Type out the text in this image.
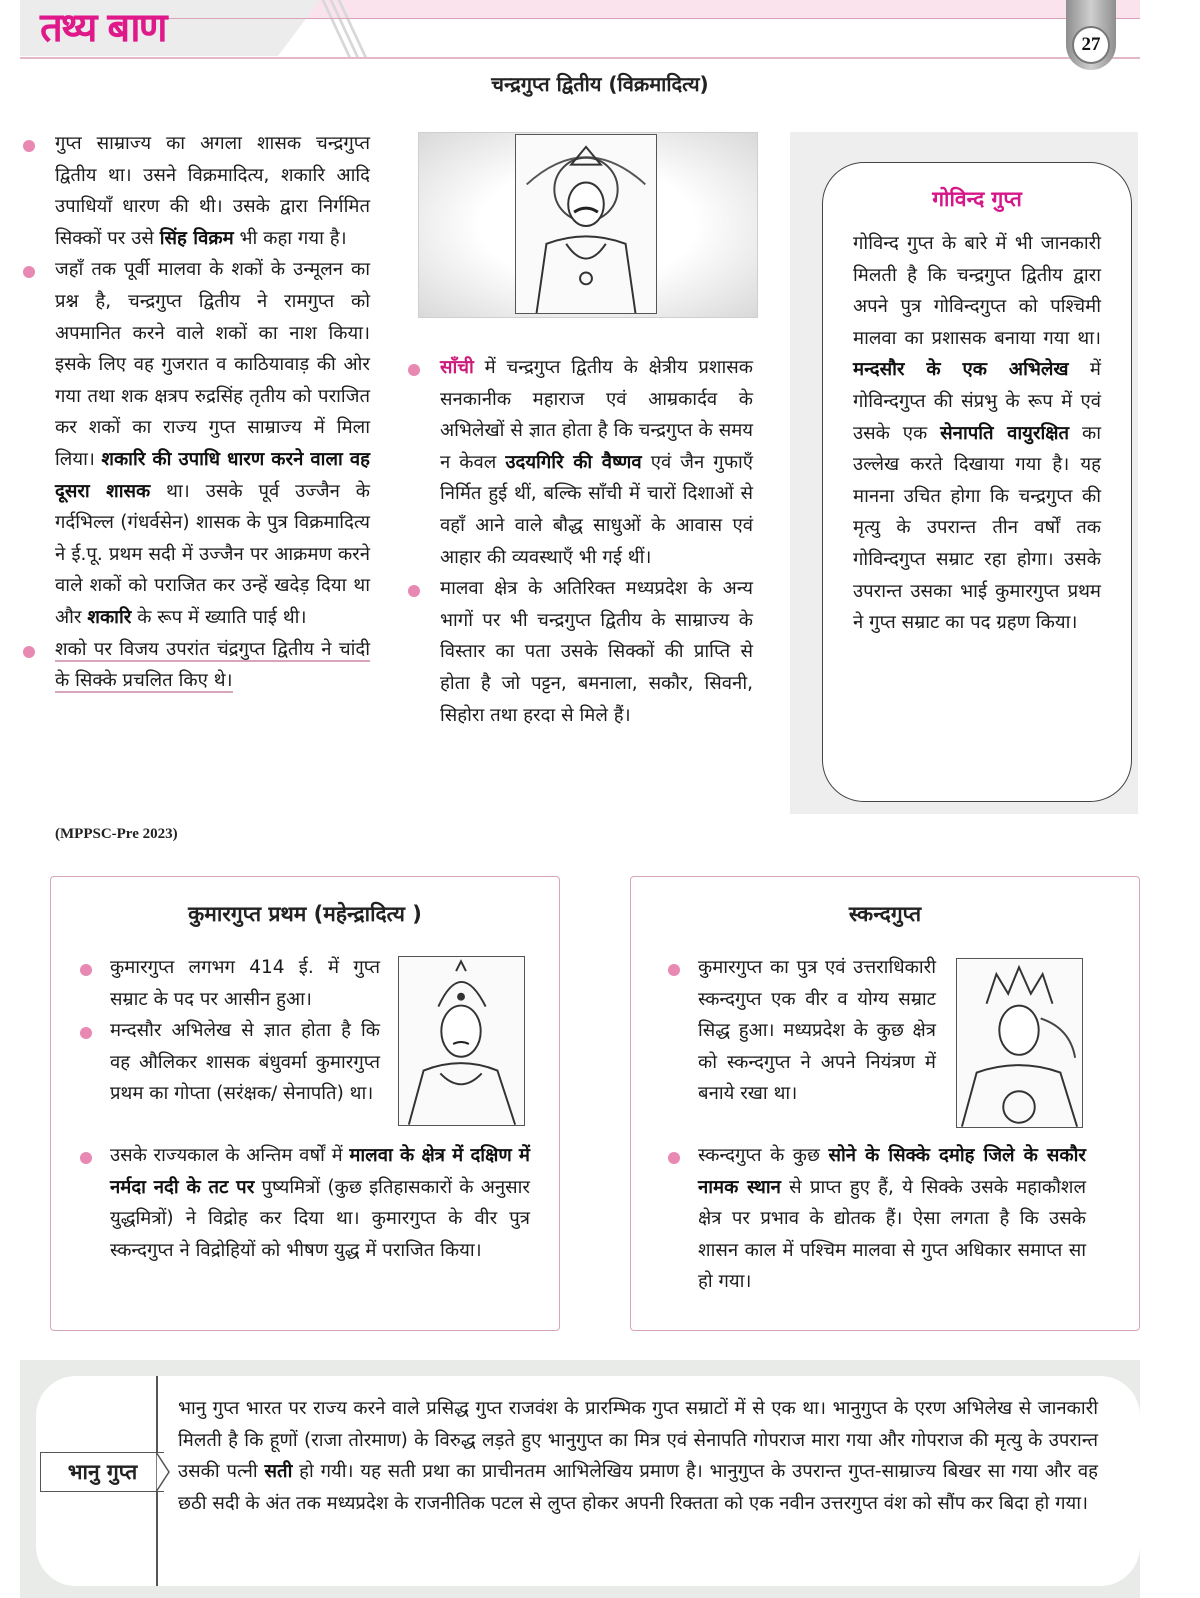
तथ्य बाण	27
चन्द्रगुप्त द्वितीय (विक्रमादित्य)

गुप्त साम्राज्य का अगला शासक चन्द्रगुप्त द्वितीय था। उसने विक्रमादित्य, शकारि आदि उपाधियाँ धारण की थी। उसके द्वारा निर्गमित सिक्कों पर उसे सिंह विक्रम भी कहा गया है।

जहाँ तक पूर्वी मालवा के शकों के उन्मूलन का प्रश्न है, चन्द्रगुप्त द्वितीय ने रामगुप्त को अपमानित करने वाले शकों का नाश किया। इसके लिए वह गुजरात व काठियावाड़ की ओर गया तथा शक क्षत्रप रुद्रसिंह तृतीय को पराजित कर शकों का राज्य गुप्त साम्राज्य में मिला लिया। शकारि की उपाधि धारण करने वाला वह दूसरा शासक था। उसके पूर्व उज्जैन के गर्दभिल्ल (गंधर्वसेन) शासक के पुत्र विक्रमादित्य ने ई.पू. प्रथम सदी में उज्जैन पर आक्रमण करने वाले शकों को पराजित कर उन्हें खदेड़ दिया था और शकारि के रूप में ख्याति पाई थी।

शको पर विजय उपरांत चंद्रगुप्त द्वितीय ने चांदी के सिक्के प्रचलित किए थे।

(MPPSC-Pre 2023)

साँची में चन्द्रगुप्त द्वितीय के क्षेत्रीय प्रशासक सनकानीक महाराज एवं आम्रकार्दव के अभिलेखों से ज्ञात होता है कि चन्द्रगुप्त के समय न केवल उदयगिरि की वैष्णव एवं जैन गुफाएँ निर्मित हुई थीं, बल्कि साँची में चारों दिशाओं से वहाँ आने वाले बौद्ध साधुओं के आवास एवं आहार की व्यवस्थाएँ भी गई थीं।

मालवा क्षेत्र के अतिरिक्त मध्यप्रदेश के अन्य भागों पर भी चन्द्रगुप्त द्वितीय के साम्राज्य के विस्तार का पता उसके सिक्कों की प्राप्ति से होता है जो पट्टन, बमनाला, सकौर, सिवनी, सिहोरा तथा हरदा से मिले हैं।

गोविन्द गुप्त
गोविन्द गुप्त के बारे में भी जानकारी मिलती है कि चन्द्रगुप्त द्वितीय द्वारा अपने पुत्र गोविन्दगुप्त को पश्चिमी मालवा का प्रशासक बनाया गया था। मन्दसौर के एक अभिलेख में गोविन्दगुप्त की संप्रभु के रूप में एवं उसके एक सेनापति वायुरक्षित का उल्लेख करते दिखाया गया है। यह मानना उचित होगा कि चन्द्रगुप्त की मृत्यु के उपरान्त तीन वर्षों तक गोविन्दगुप्त सम्राट रहा होगा। उसके उपरान्त उसका भाई कुमारगुप्त प्रथम ने गुप्त सम्राट का पद ग्रहण किया।
कुमारगुप्त प्रथम (महेन्द्रादित्य )

कुमारगुप्त लगभग 414 ई. में गुप्त सम्राट के पद पर आसीन हुआ।

मन्दसौर अभिलेख से ज्ञात होता है कि वह औलिकर शासक बंधुवर्मा कुमारगुप्त प्रथम का गोप्ता (सरंक्षक/ सेनापति) था।

उसके राज्यकाल के अन्तिम वर्षों में मालवा के क्षेत्र में दक्षिण में नर्मदा नदी के तट पर पुष्यमित्रों (कुछ इतिहासकारों के अनुसार युद्धमित्रों) ने विद्रोह कर दिया था। कुमारगुप्त के वीर पुत्र स्कन्दगुप्त ने विद्रोहियों को भीषण युद्ध में पराजित किया।

स्कन्दगुप्त

कुमारगुप्त का पुत्र एवं उत्तराधिकारी स्कन्दगुप्त एक वीर व योग्य सम्राट सिद्ध हुआ। मध्यप्रदेश के कुछ क्षेत्र को स्कन्दगुप्त ने अपने नियंत्रण में बनाये रखा था।

स्कन्दगुप्त के कुछ सोने के सिक्के दमोह जिले के सकौर नामक स्थान से प्राप्त हुए हैं, ये सिक्के उसके महाकौशल क्षेत्र पर प्रभाव के द्योतक हैं। ऐसा लगता है कि उसके शासन काल में पश्चिम मालवा से गुप्त अधिकार समाप्त सा हो गया।

भानु गुप्त
भानु गुप्त भारत पर राज्य करने वाले प्रसिद्ध गुप्त राजवंश के प्रारम्भिक गुप्त सम्राटों में से एक था। भानुगुप्त के एरण अभिलेख से जानकारी मिलती है कि हूणों (राजा तोरमाण) के विरुद्ध लड़ते हुए भानुगुप्त का मित्र एवं सेनापति गोपराज मारा गया और गोपराज की मृत्यु के उपरान्त उसकी पत्नी सती हो गयी। यह सती प्रथा का प्राचीनतम आभिलेखिय प्रमाण है। भानुगुप्त के उपरान्त गुप्त-साम्राज्य बिखर सा गया और वह छठी सदी के अंत तक मध्यप्रदेश के राजनीतिक पटल से लुप्त होकर अपनी रिक्तता को एक नवीन उत्तरगुप्त वंश को सौंप कर बिदा हो गया।
